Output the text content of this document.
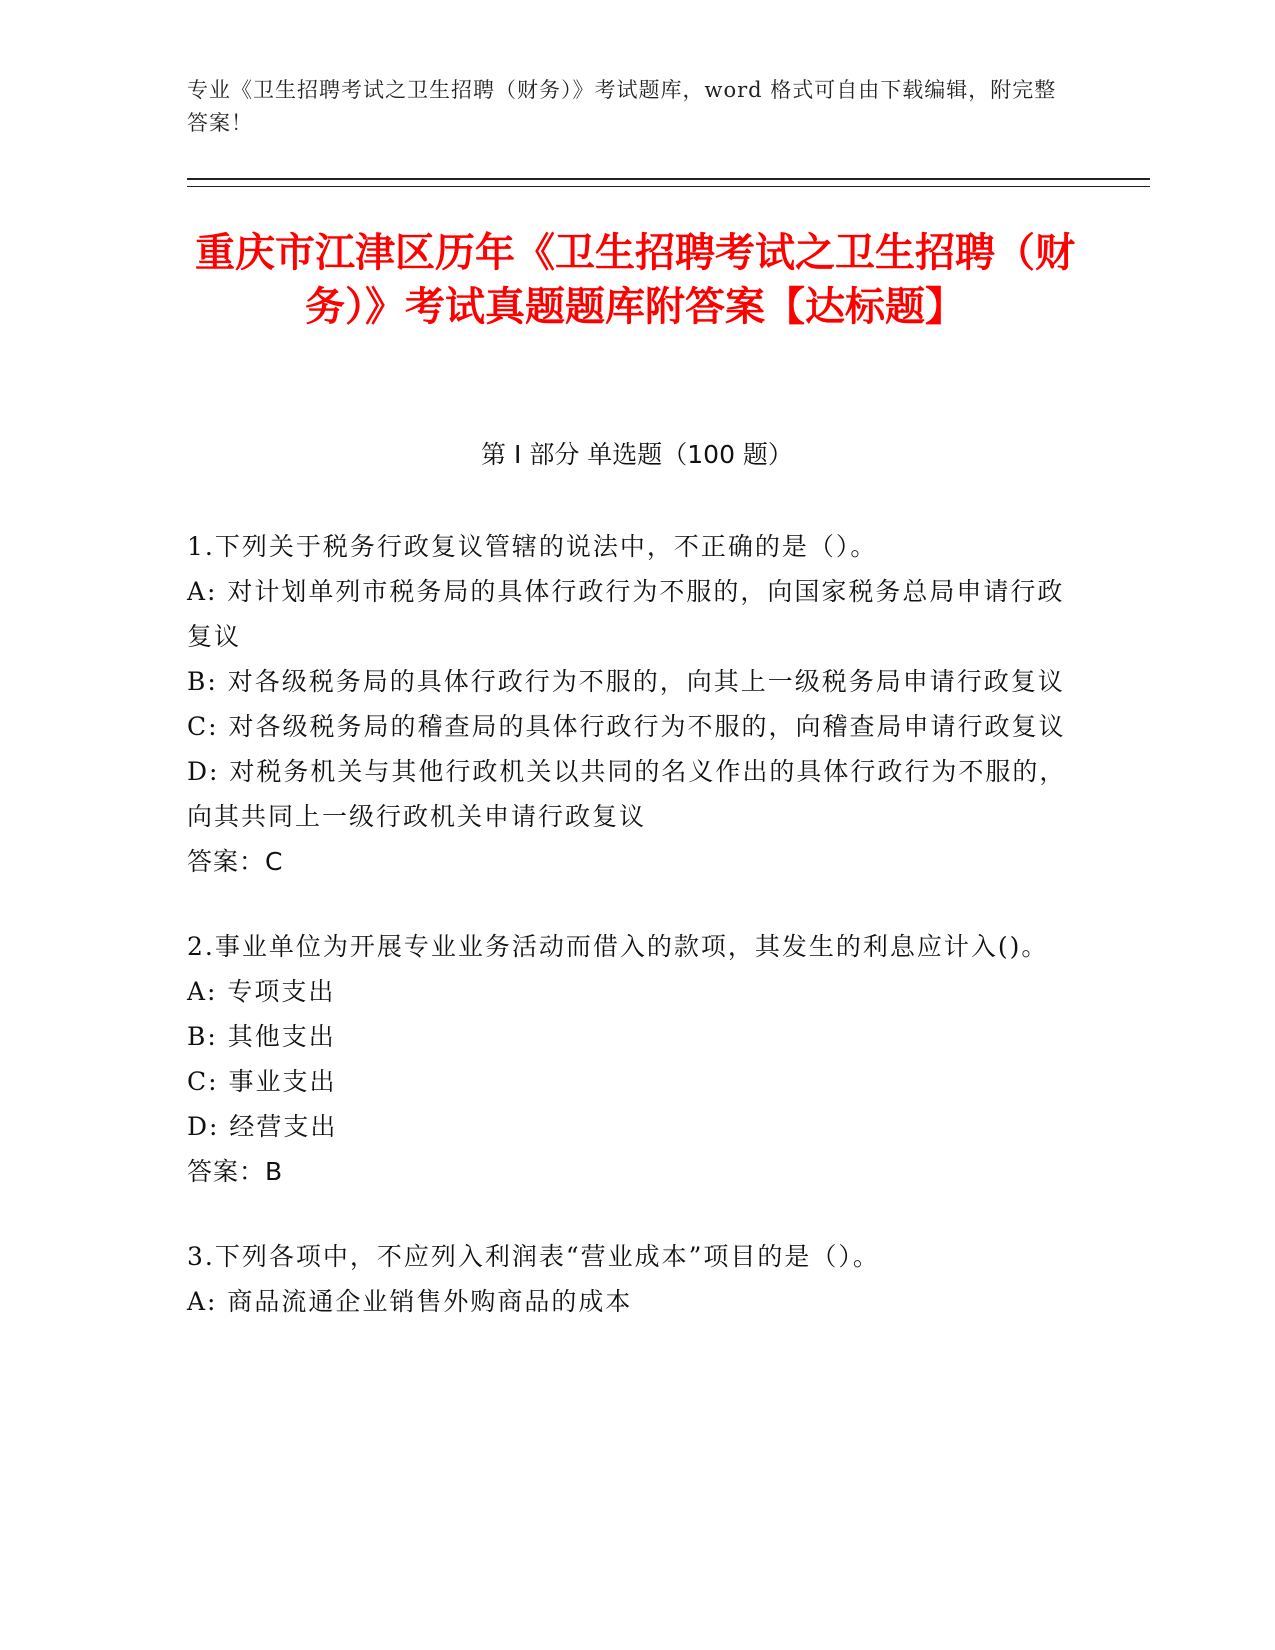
专业《卫生招聘考试之卫生招聘（财务）》考试题库，word 格式可自由下载编辑，附完整答案！
重庆市江津区历年《卫生招聘考试之卫生招聘（财务）》考试真题题库附答案【达标题】
第 I 部分 单选题（100 题）

1.下列关于税务行政复议管辖的说法中，不正确的是（）。

A: 对计划单列市税务局的具体行政行为不服的，向国家税务总局申请行政复议

B: 对各级税务局的具体行政行为不服的，向其上一级税务局申请行政复议

C: 对各级税务局的稽查局的具体行政行为不服的，向稽查局申请行政复议

D: 对税务机关与其他行政机关以共同的名义作出的具体行政行为不服的，向其共同上一级行政机关申请行政复议

答案：C

2.事业单位为开展专业业务活动而借入的款项，其发生的利息应计入()。

A: 专项支出

B: 其他支出

C: 事业支出

D: 经营支出

答案：B

3.下列各项中，不应列入利润表“营业成本”项目的是（）。

A: 商品流通企业销售外购商品的成本
